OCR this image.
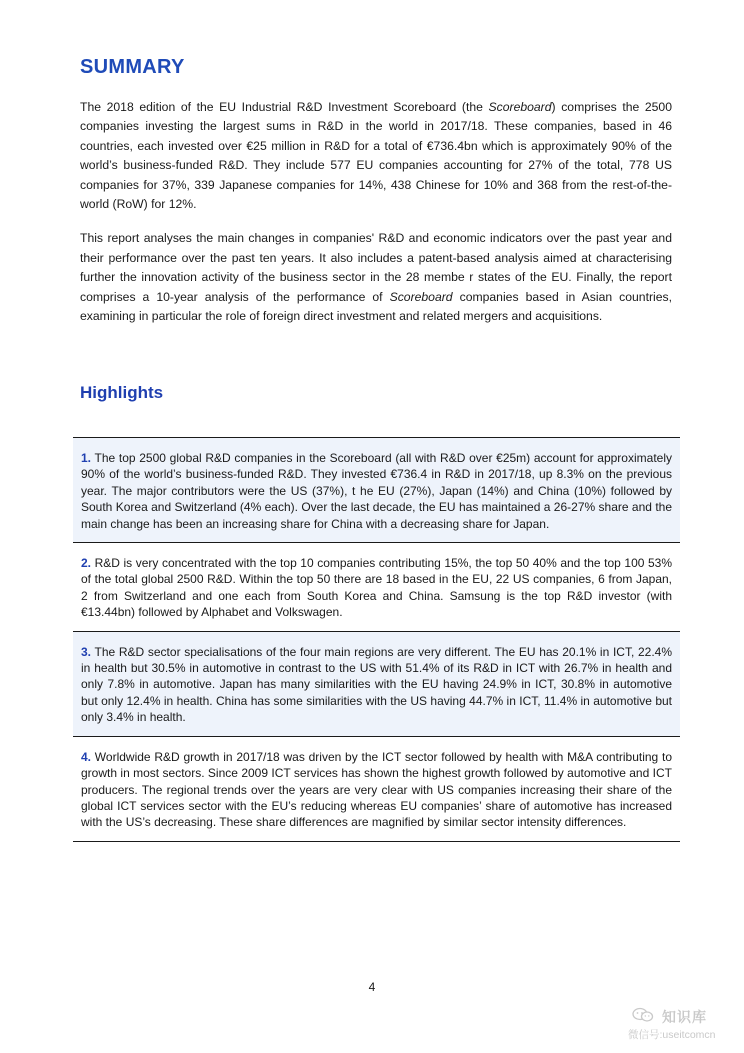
SUMMARY

The 2018 edition of the EU Industrial R&D Investment Scoreboard (the Scoreboard) comprises the 2500 companies investing the largest sums in R&D in the world in 2017/18. These companies, based in 46 countries, each invested over €25 million in R&D for a total of €736.4bn which is approximately 90% of the world’s business-funded R&D. They include 577 EU companies accounting for 27% of the total, 778 US companies for 37%, 339 Japanese companies for 14%, 438 Chinese for 10% and 368 from the rest-of-the-world (RoW) for 12%.

This report analyses the main changes in companies' R&D and economic indicators over the past year and their performance over the past ten years. It also includes a patent-based analysis aimed at characterising further the innovation activity of the business sector in the 28 membe r states of the EU. Finally, the report comprises a 10-year analysis of the performance of Scoreboard companies based in Asian countries, examining in particular the role of foreign direct investment and related mergers and acquisitions.

Highlights
1. The top 2500 global R&D companies in the Scoreboard (all with R&D over €25m) account for approximately 90% of the world’s business-funded R&D. They invested €736.4 in R&D in 2017/18, up 8.3% on the previous year. The major contributors were the US (37%), t he EU (27%), Japan (14%) and China (10%) followed by South Korea and Switzerland (4% each). Over the last decade, the EU has maintained a 26-27% share and the main change has been an increasing share for China with a decreasing share for Japan.
2. R&D is very concentrated with the top 10 companies contributing 15%, the top 50 40% and the top 100 53% of the total global 2500 R&D. Within the top 50 there are 18 based in the EU, 22 US companies, 6 from Japan, 2 from Switzerland and one each from South Korea and China. Samsung is the top R&D investor (with €13.44bn) followed by Alphabet and Volkswagen.
3. The R&D sector specialisations of the four main regions are very different. The EU has 20.1% in ICT, 22.4% in health but 30.5% in automotive in contrast to the US with 51.4% of its R&D in ICT with 26.7% in health and only 7.8% in automotive. Japan has many similarities with the EU having 24.9% in ICT, 30.8% in automotive but only 12.4% in health. China has some similarities with the US having 44.7% in ICT, 11.4% in automotive but only 3.4% in health.
4. Worldwide R&D growth in 2017/18 was driven by the ICT sector followed by health with M&A contributing to growth in most sectors. Since 2009 ICT services has shown the highest growth followed by automotive and ICT producers. The regional trends over the years are very clear with US companies increasing their share of the global ICT services sector with the EU’s reducing whereas EU companies’ share of automotive has increased with the US’s decreasing. These share differences are magnified by similar sector intensity differences.
4
知识库
微信号:useitcomcn
